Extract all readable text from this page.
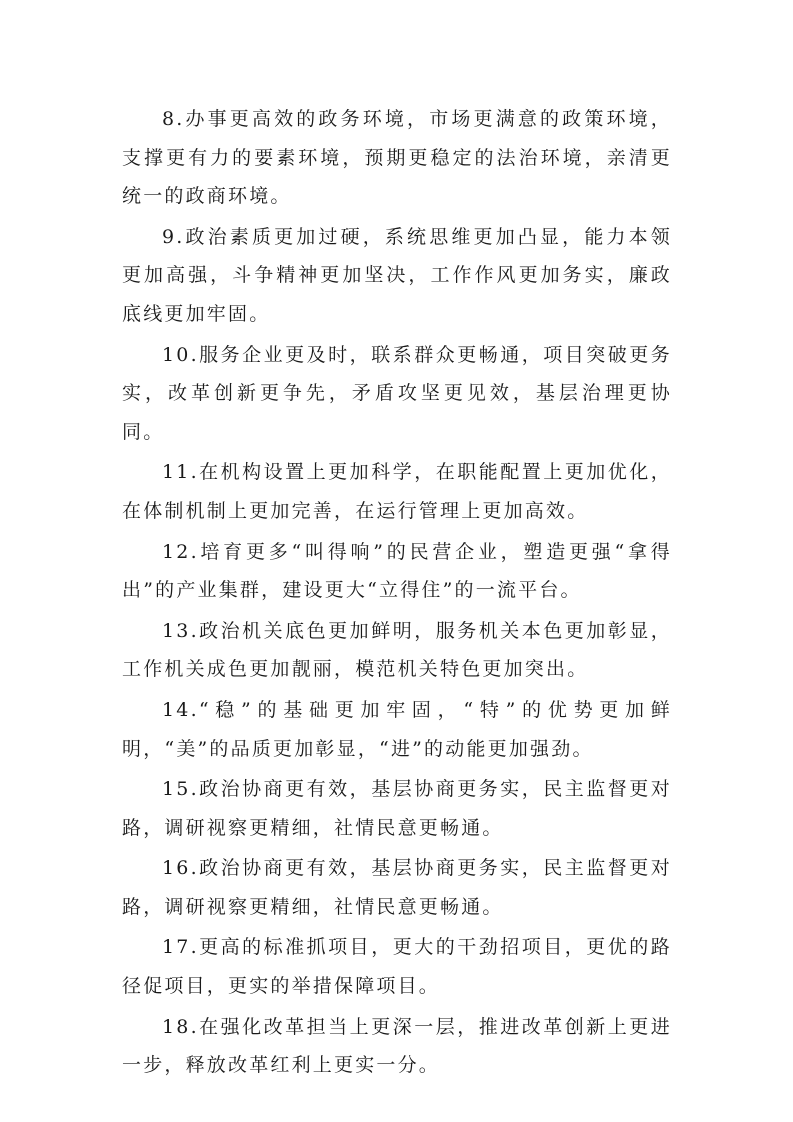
8.办事更高效的政务环境，市场更满意的政策环境，支撑更有力的要素环境，预期更稳定的法治环境，亲清更统一的政商环境。

9.政治素质更加过硬，系统思维更加凸显，能力本领更加高强，斗争精神更加坚决，工作作风更加务实，廉政底线更加牢固。

10.服务企业更及时，联系群众更畅通，项目突破更务实，改革创新更争先，矛盾攻坚更见效，基层治理更协同。

11.在机构设置上更加科学，在职能配置上更加优化，在体制机制上更加完善，在运行管理上更加高效。

12.培育更多“叫得响”的民营企业，塑造更强“拿得出”的产业集群，建设更大“立得住”的一流平台。

13.政治机关底色更加鲜明，服务机关本色更加彰显，工作机关成色更加靓丽，模范机关特色更加突出。

14.“稳”的基础更加牢固，“特”的优势更加鲜明，“美”的品质更加彰显，“进”的动能更加强劲。

15.政治协商更有效，基层协商更务实，民主监督更对路，调研视察更精细，社情民意更畅通。

16.政治协商更有效，基层协商更务实，民主监督更对路，调研视察更精细，社情民意更畅通。

17.更高的标准抓项目，更大的干劲招项目，更优的路径促项目，更实的举措保障项目。

18.在强化改革担当上更深一层，推进改革创新上更进一步，释放改革红利上更实一分。
